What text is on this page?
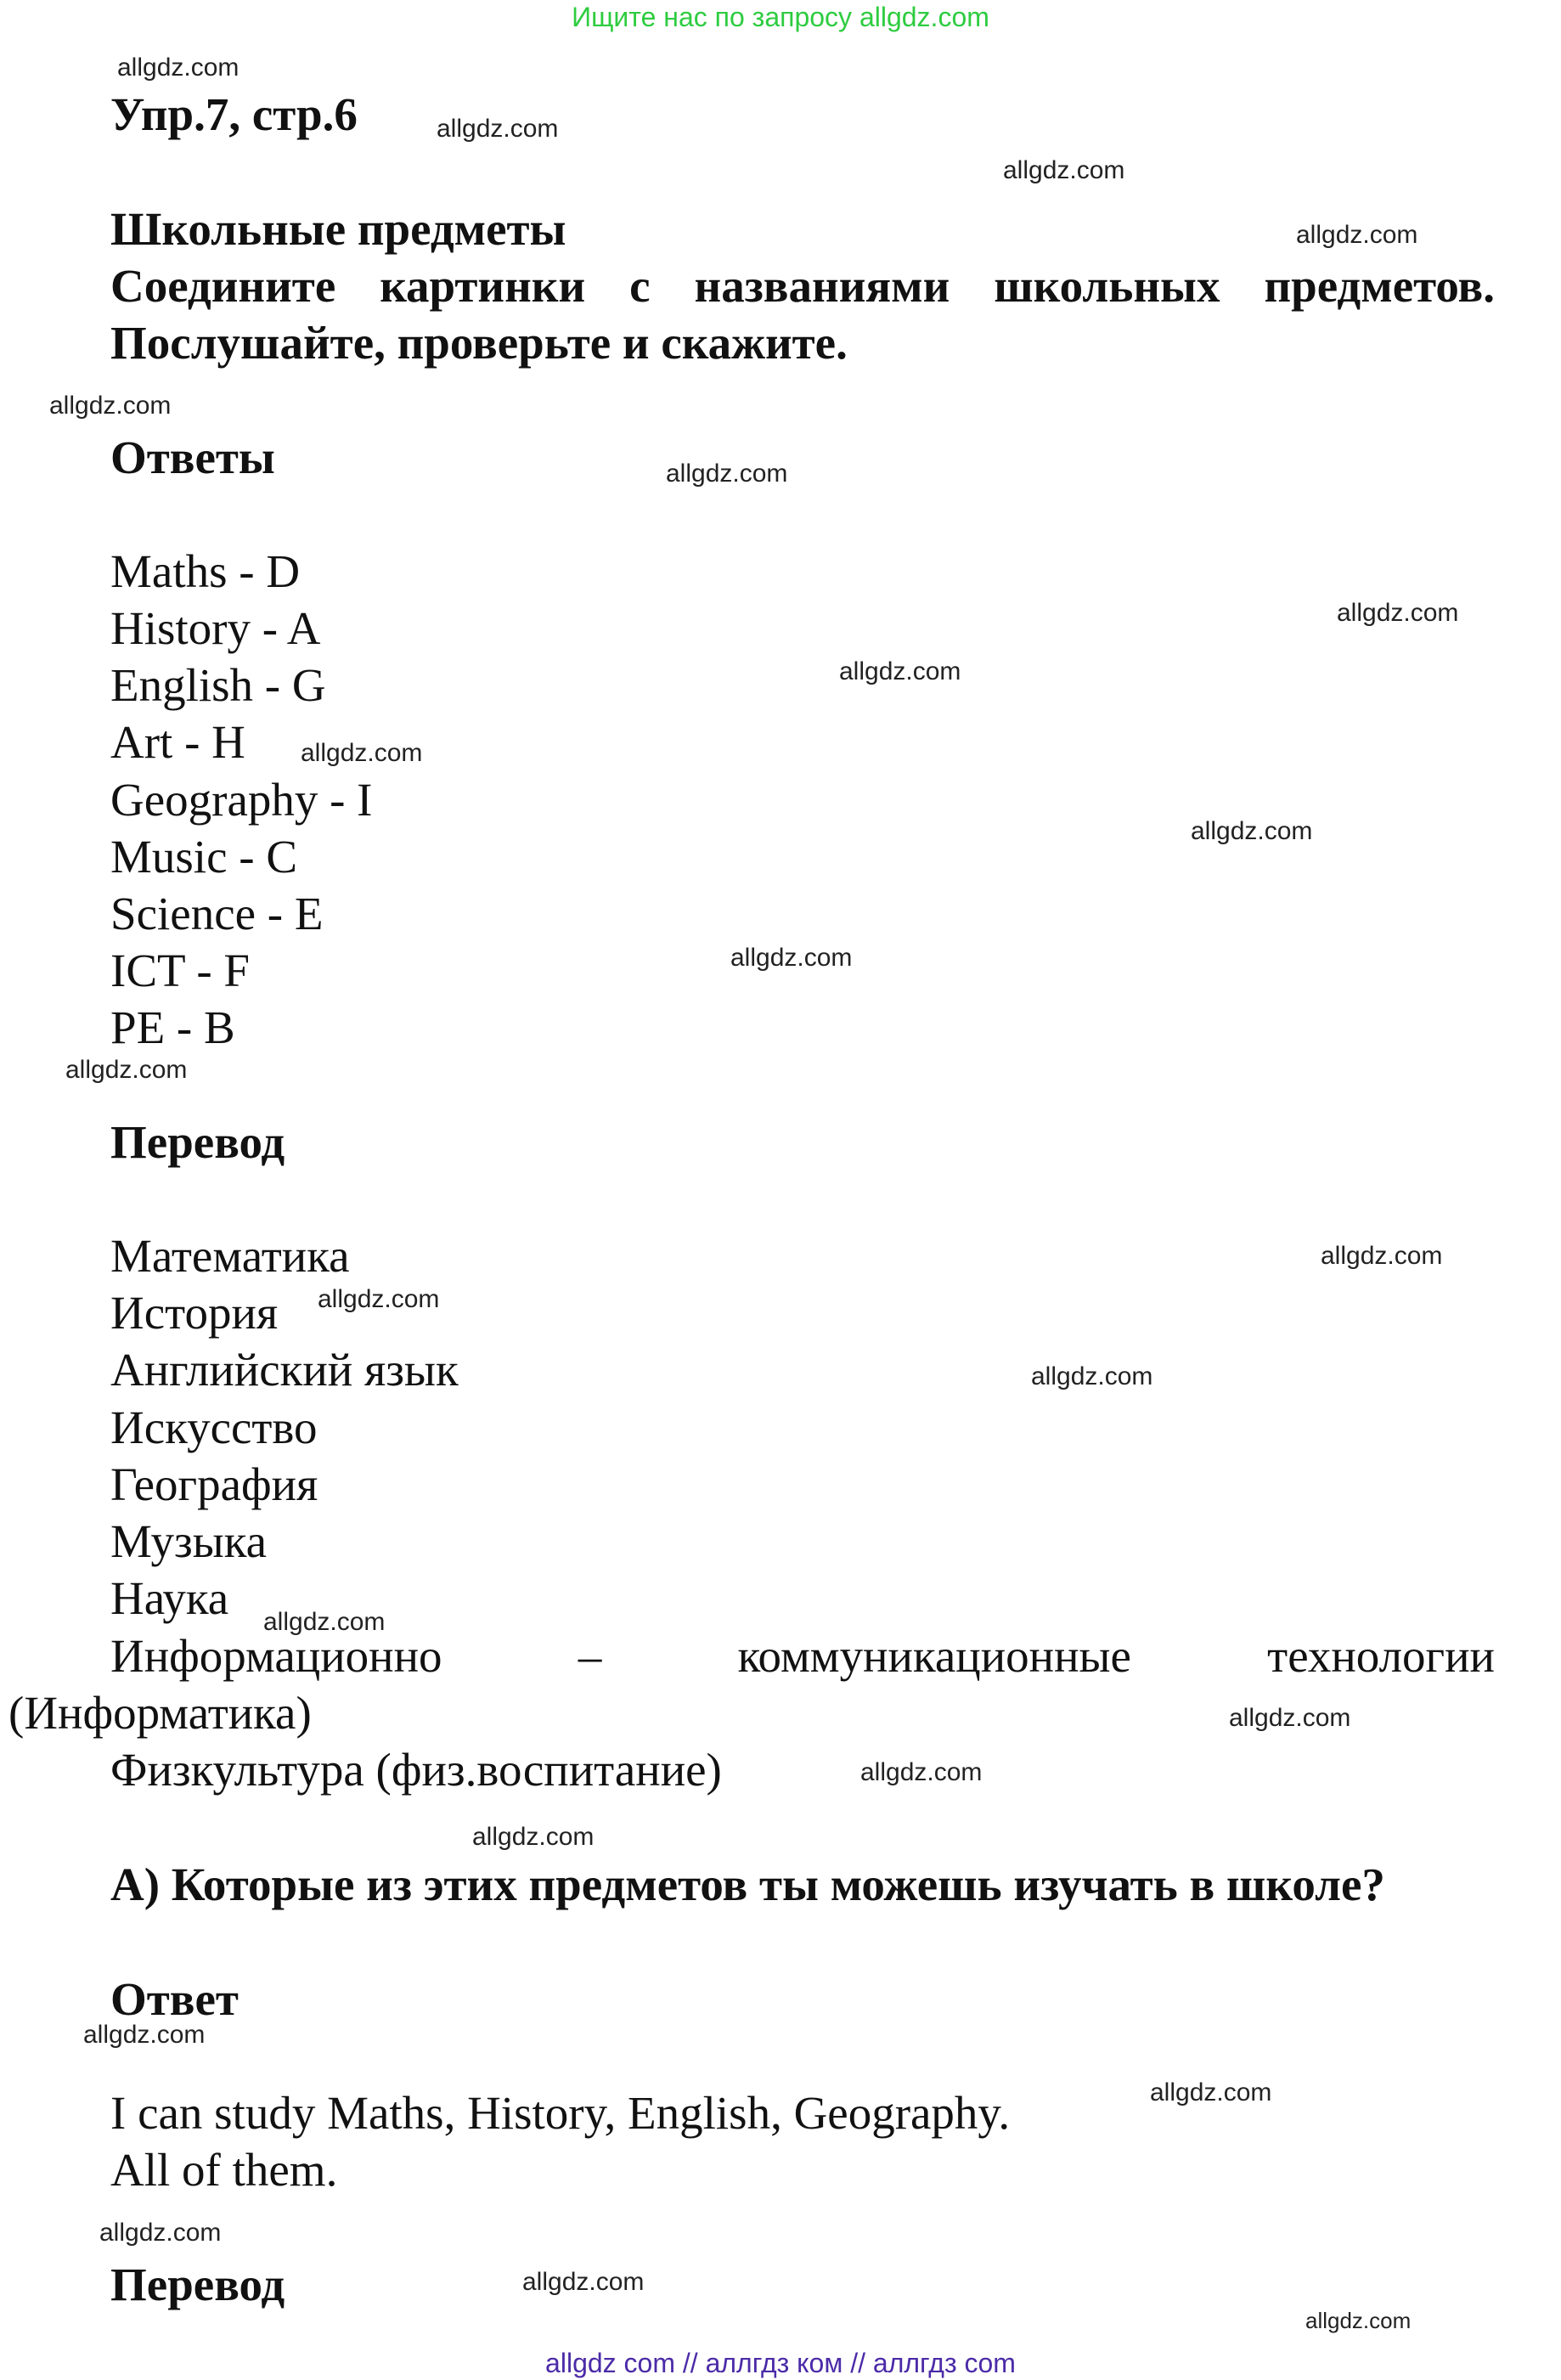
Ищите нас по запросу allgdz.com
Упр.7, стр.6
Школьные предметы
Соедините картинки с названиями школьных предметов.
Послушайте, проверьте и скажите.
Ответы
Maths - D
History - A
English - G
Art - H
Geography - I
Music - C
Science - E
ICT - F
PE - B
Перевод
Математика
История
Английский язык
Искусство
География
Музыка
Наука
Информационно	–	коммуникационные	технологии
(Информатика)
Физкультура (физ.воспитание)
А) Которые из этих предметов ты можешь изучать в школе?
Ответ
I can study Maths, History, English, Geography.
All of them.
Перевод
allgdz.com
allgdz.com
allgdz.com
allgdz.com
allgdz.com
allgdz.com
allgdz.com
allgdz.com
allgdz.com
allgdz.com
allgdz.com
allgdz.com
allgdz.com
allgdz.com
allgdz.com
allgdz.com
allgdz.com
allgdz.com
allgdz.com
allgdz.com
allgdz.com
allgdz.com
allgdz.com
allgdz.com
allgdz com // аллгдз ком // аллгдз com
